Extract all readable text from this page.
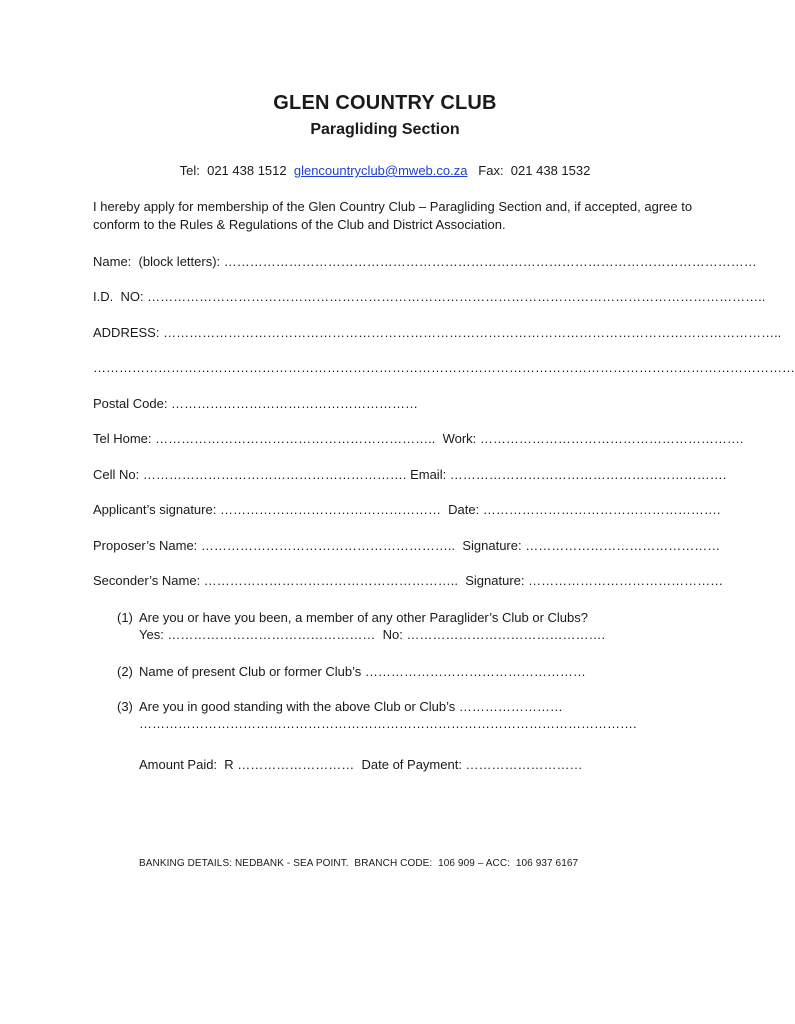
GLEN COUNTRY CLUB
Paragliding Section
Tel:  021 438 1512  glencountryclub@mweb.co.za   Fax:  021 438 1532
I hereby apply for membership of the Glen Country Club – Paragliding Section and, if accepted, agree to conform to the Rules & Regulations of the Club and District Association.
Name:  (block letters): ……………………………………………………………………………………………………………
I.D.  NO: ……………………………………………………………………………………………………………………………..
ADDRESS: ……………………………………………………………………………………………………………………………..
………………………………………………………………………………………………………………………………………………
Postal Code: …………………………………………………
Tel Home: ………………………………………………………..  Work: …………………………………………………….
Cell No: ……………………………………………………. Email: ……………………………………………………….
Applicant’s signature: ……………………………………………  Date: ……………………………………………….
Proposer’s Name: …………………………………………………..  Signature: ………………………………………
Seconder’s Name: …………………………………………………..  Signature: ………………………………………
(1) Are you or have you been, a member of any other Paraglider’s Club or Clubs?
Yes: …………………………………………  No: ……………………………………….
(2) Name of present Club or former Club’s ……………………………………………
(3) Are you in good standing with the above Club or Club’s ……………………
…………………………………………………………………………………………………….
Amount Paid:  R ………………………  Date of Payment: ………………………
BANKING DETAILS: NEDBANK - SEA POINT.  BRANCH CODE:  106 909 – ACC:  106 937 6167
